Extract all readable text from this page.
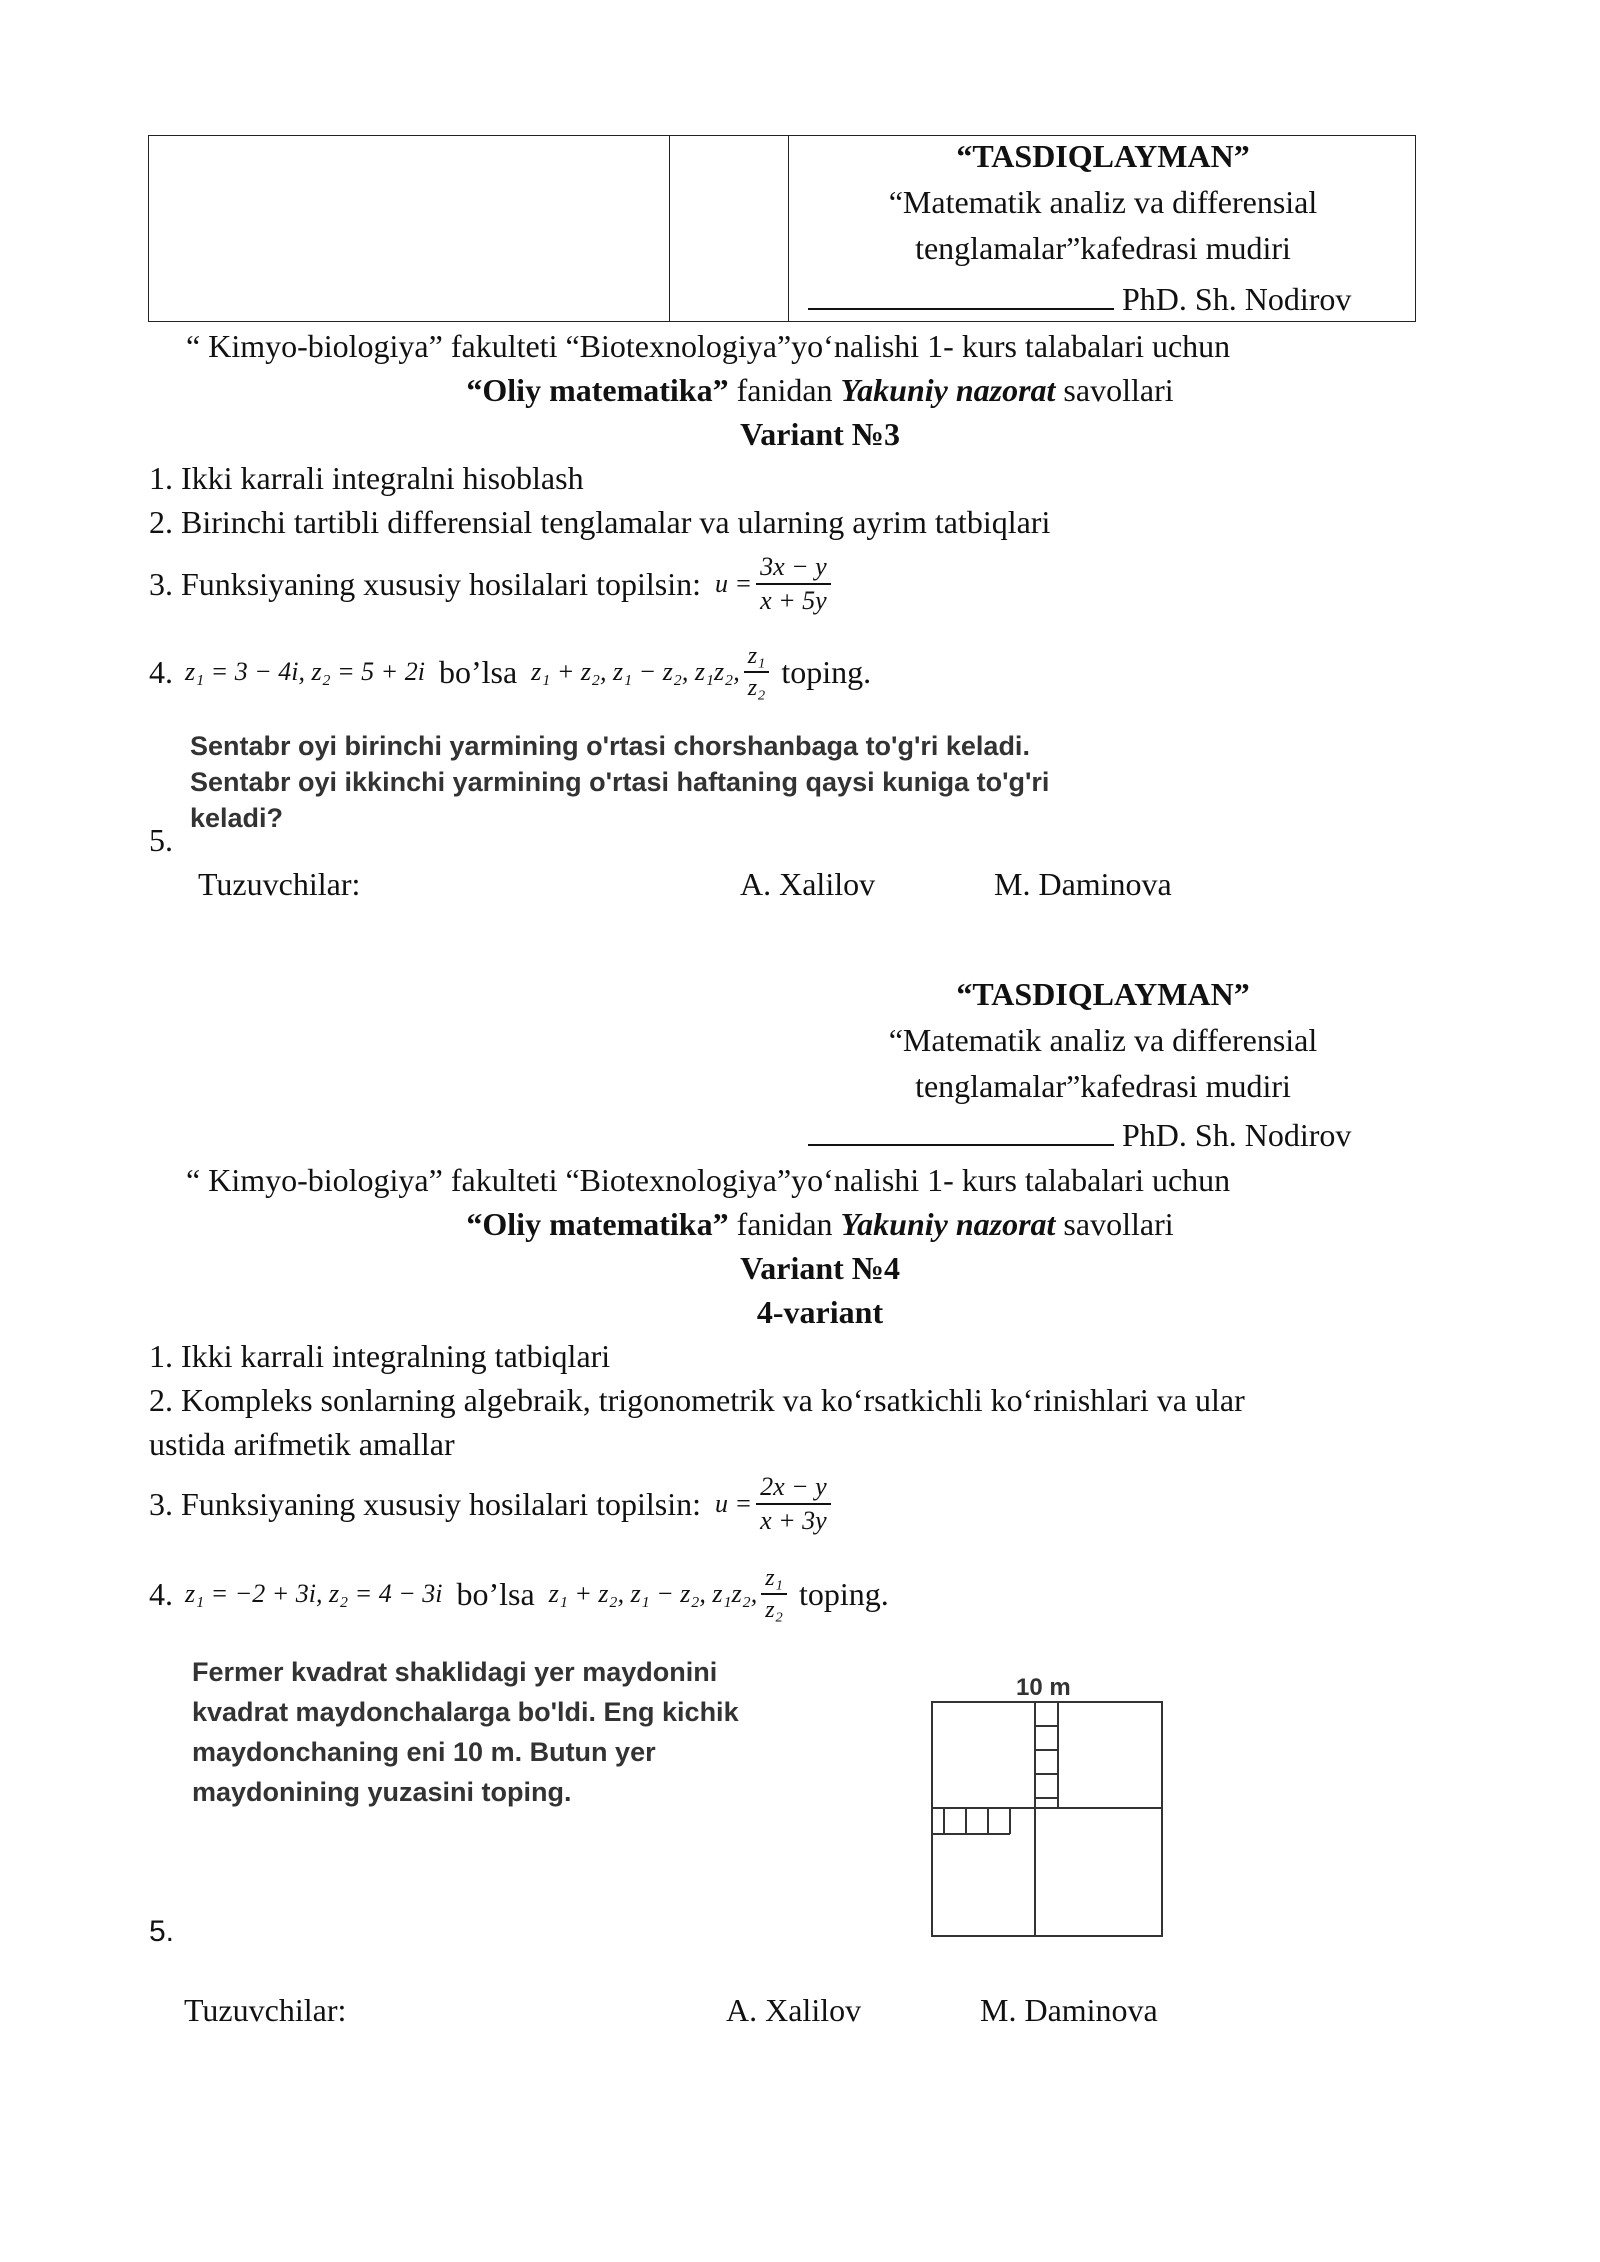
“TASDIQLAYMAN”
“Matematik analiz va differensial
tenglamalar”kafedrasi mudiri
PhD. Sh. Nodirov
“ Kimyo-biologiya” fakulteti “Biotexnologiya”yo‘nalishi 1- kurs talabalari uchun
“Oliy matematika” fanidan Yakuniy nazorat savollari
Variant №3
1. Ikki karrali integralni hisoblash
2. Birinchi tartibli differensial tenglamalar va ularning ayrim tatbiqlari
3. Funksiyaning xususiy hosilalari topilsin: $u = \frac{3x - y}{x + 5y}$
4. z₁ = 3 − 4i, z₂ = 5 + 2i bo’lsa z₁ + z₂, z₁ − z₂, z₁z₂, $\frac{\text{z₁}}{\text{z₂}}$ toping.
Sentabr oyi birinchi yarmining o'rtasi chorshanbaga to'g'ri keladi.
Sentabr oyi ikkinchi yarmining o'rtasi haftaning qaysi kuniga to'g'ri
keladi?
5.
Tuzuvchilar:	A. Xalilov	M. Daminova
“TASDIQLAYMAN”
“Matematik analiz va differensial
tenglamalar”kafedrasi mudiri
PhD. Sh. Nodirov
“ Kimyo-biologiya” fakulteti “Biotexnologiya”yo‘nalishi 1- kurs talabalari uchun
“Oliy matematika” fanidan Yakuniy nazorat savollari
Variant №4
4-variant
1. Ikki karrali integralning tatbiqlari
2. Kompleks sonlarning algebraik, trigonometrik va ko‘rsatkichli ko‘rinishlari va ular
ustida arifmetik amallar
3. Funksiyaning xususiy hosilalari topilsin: $u = \frac{2x - y}{x + 3y}$
4. z₁ = −2 + 3i, z₂ = 4 − 3i bo’lsa z₁ + z₂, z₁ − z₂, z₁z₂, $\frac{\text{z₁}}{\text{z₂}}$ toping.
Fermer kvadrat shaklidagi yer maydonini
kvadrat maydonchalarga bo'ldi. Eng kichik
maydonchaning eni 10 m. Butun yer
maydonining yuzasini toping.
10 m
5.
Tuzuvchilar:	A. Xalilov	M. Daminova
